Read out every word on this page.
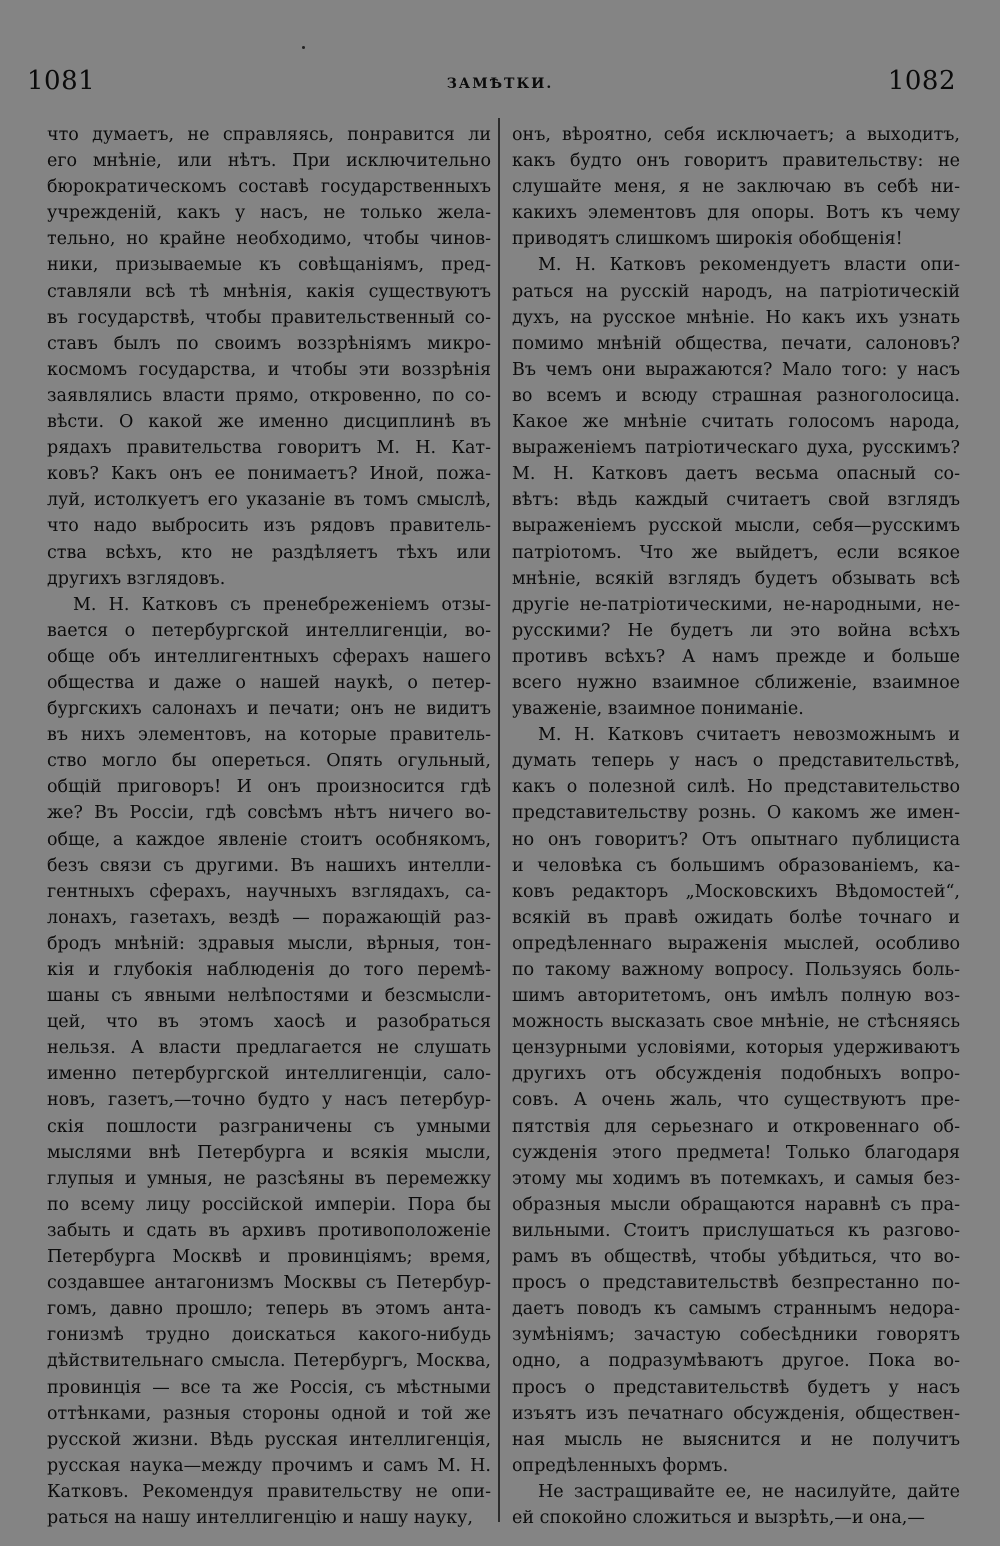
1081	ЗАМѢТКИ.	1082
что думаетъ, не справляясь, понравится ли
его мнѣніе, или нѣтъ. При исключительно
бюрократическомъ составѣ государственныхъ
учрежденій, какъ у насъ, не только жела-
тельно, но крайне необходимо, чтобы чинов-
ники, призываемые къ совѣщаніямъ, пред-
ставляли всѣ тѣ мнѣнія, какія существуютъ
въ государствѣ, чтобы правительственный со-
ставъ былъ по своимъ воззрѣніямъ микро-
космомъ государства, и чтобы эти воззрѣнія
заявлялись власти прямо, откровенно, по со-
вѣсти. О какой же именно дисциплинѣ въ
рядахъ правительства говоритъ М. Н. Кат-
ковъ? Какъ онъ ее понимаетъ? Иной, пожа-
луй, истолкуетъ его указаніе въ томъ смыслѣ,
что надо выбросить изъ рядовъ правитель-
ства всѣхъ, кто не раздѣляетъ тѣхъ или
другихъ взглядовъ.
М. Н. Катковъ съ пренебреженіемъ отзы-
вается о петербургской интеллигенціи, во-
обще объ интеллигентныхъ сферахъ нашего
общества и даже о нашей наукѣ, о петер-
бургскихъ салонахъ и печати; онъ не видитъ
въ нихъ элементовъ, на которые правитель-
ство могло бы опереться. Опять огульный,
общій приговоръ! И онъ произносится гдѣ
же? Въ Россіи, гдѣ совсѣмъ нѣтъ ничего во-
обще, а каждое явленіе стоитъ особнякомъ,
безъ связи съ другими. Въ нашихъ интелли-
гентныхъ сферахъ, научныхъ взглядахъ, са-
лонахъ, газетахъ, вездѣ — поражающій раз-
бродъ мнѣній: здравыя мысли, вѣрныя, тон-
кія и глубокія наблюденія до того перемѣ-
шаны съ явными нелѣпостями и безсмысли-
цей, что въ этомъ хаосѣ и разобраться
нельзя. А власти предлагается не слушать
именно петербургской интеллигенціи, сало-
новъ, газетъ,—точно будто у насъ петербур-
скія пошлости разграничены съ умными
мыслями внѣ Петербурга и всякія мысли,
глупыя и умныя, не разсѣяны въ перемежку
по всему лицу россійской имперіи. Пора бы
забыть и сдать въ архивъ противоположеніе
Петербурга Москвѣ и провинціямъ; время,
создавшее антагонизмъ Москвы съ Петербур-
гомъ, давно прошло; теперь въ этомъ анта-
гонизмѣ трудно доискаться какого-нибудь
дѣйствительнаго смысла. Петербургъ, Москва,
провинція — все та же Россія, съ мѣстными
оттѣнками, разныя стороны одной и той же
русской жизни. Вѣдь русская интеллигенція,
русская наука—между прочимъ и самъ М. Н.
Катковъ. Рекомендуя правительству не опи-
раться на нашу интеллигенцію и нашу науку,
онъ, вѣроятно, себя исключаетъ; а выходитъ,
какъ будто онъ говоритъ правительству: не
слушайте меня, я не заключаю въ себѣ ни-
какихъ элементовъ для опоры. Вотъ къ чему
приводятъ слишкомъ широкія обобщенія!
М. Н. Катковъ рекомендуетъ власти опи-
раться на русскій народъ, на патріотическій
духъ, на русское мнѣніе. Но какъ ихъ узнать
помимо мнѣній общества, печати, салоновъ?
Въ чемъ они выражаются? Мало того: у насъ
во всемъ и всюду страшная разноголосица.
Какое же мнѣніе считать голосомъ народа,
выраженіемъ патріотическаго духа, русскимъ?
М. Н. Катковъ даетъ весьма опасный со-
вѣтъ: вѣдь каждый считаетъ свой взглядъ
выраженіемъ русской мысли, себя—русскимъ
патріотомъ. Что же выйдетъ, если всякое
мнѣніе, всякій взглядъ будетъ обзывать всѣ
другіе не-патріотическими, не-народными, не-
русскими? Не будетъ ли это война всѣхъ
противъ всѣхъ? А намъ прежде и больше
всего нужно взаимное сближеніе, взаимное
уваженіе, взаимное пониманіе.
М. Н. Катковъ считаетъ невозможнымъ и
думать теперь у насъ о представительствѣ,
какъ о полезной силѣ. Но представительство
представительству рознь. О какомъ же имен-
но онъ говоритъ? Отъ опытнаго публициста
и человѣка съ большимъ образованіемъ, ка-
ковъ редакторъ „Московскихъ Вѣдомостей“,
всякій въ правѣ ожидать болѣе точнаго и
опредѣленнаго выраженія мыслей, особливо
по такому важному вопросу. Пользуясь боль-
шимъ авторитетомъ, онъ имѣлъ полную воз-
можность высказать свое мнѣніе, не стѣсняясь
цензурными условіями, которыя удерживаютъ
другихъ отъ обсужденія подобныхъ вопро-
совъ. А очень жаль, что существуютъ пре-
пятствія для серьезнаго и откровеннаго об-
сужденія этого предмета! Только благодаря
этому мы ходимъ въ потемкахъ, и самыя без-
образныя мысли обращаются наравнѣ съ пра-
вильными. Стоитъ прислушаться къ разгово-
рамъ въ обществѣ, чтобы убѣдиться, что во-
просъ о представительствѣ безпрестанно по-
даетъ поводъ къ самымъ страннымъ недора-
зумѣніямъ; зачастую собесѣдники говорятъ
одно, а подразумѣваютъ другое. Пока во-
просъ о представительствѣ будетъ у насъ
изъятъ изъ печатнаго обсужденія, обществен-
ная мысль не выяснится и не получитъ
опредѣленныхъ формъ.
Не застращивайте ее, не насилуйте, дайте
ей спокойно сложиться и вызрѣть,—и она,—
